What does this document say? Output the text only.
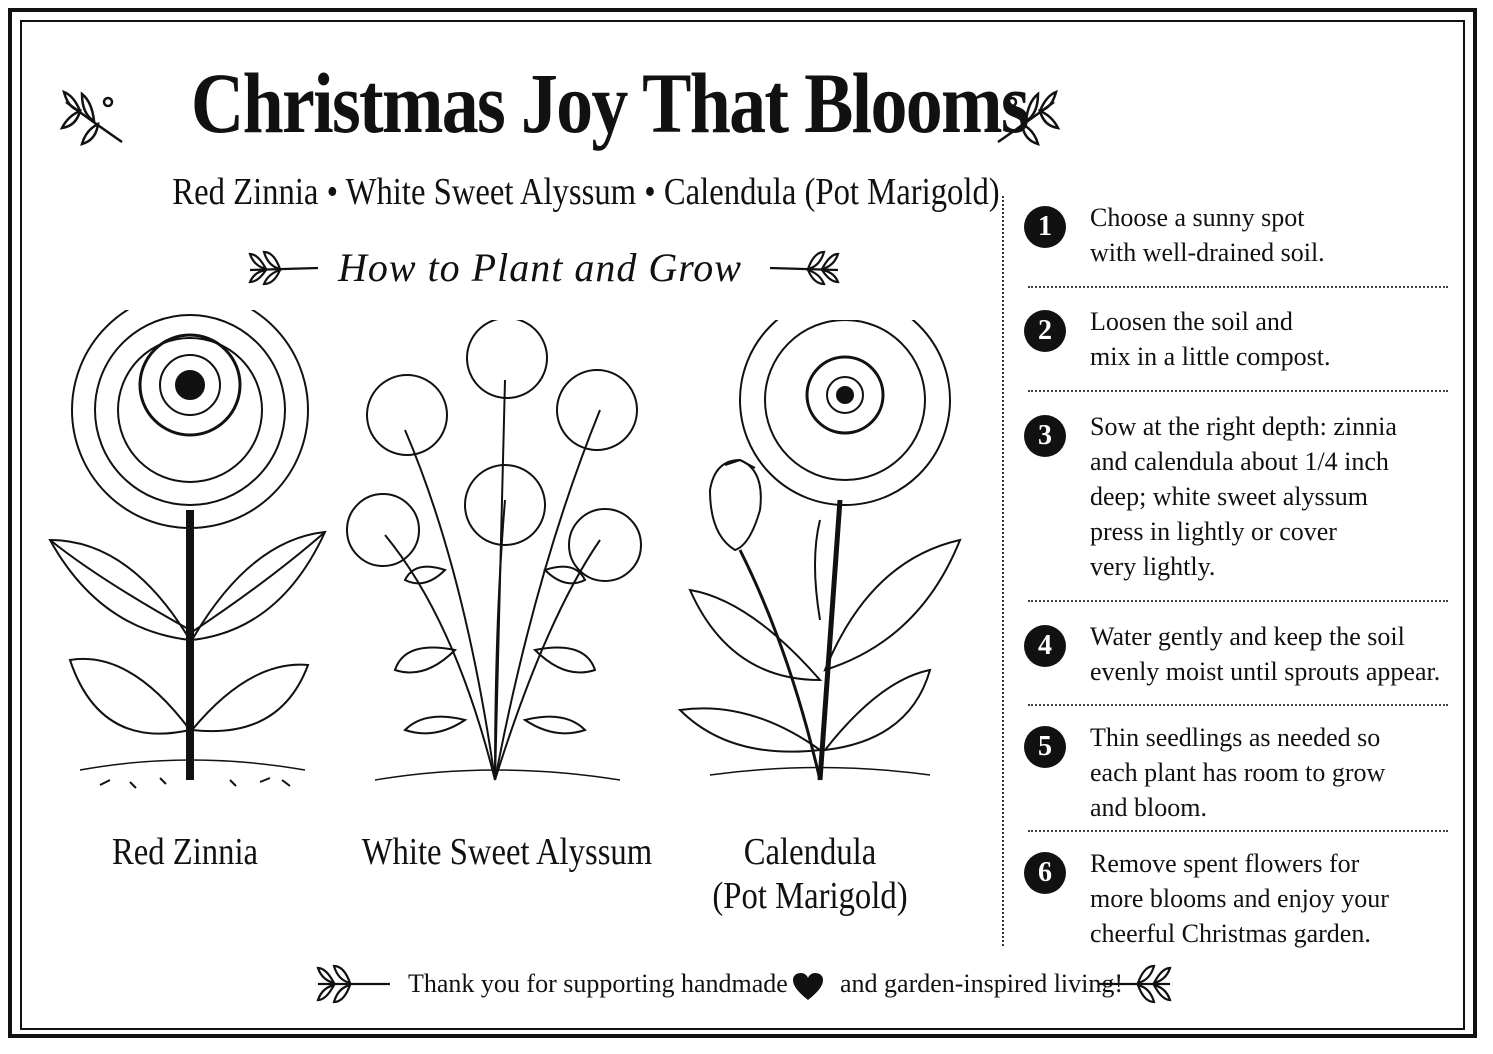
Christmas Joy That Blooms
Red Zinnia • White Sweet Alyssum • Calendula (Pot Marigold)
How to Plant and Grow
Red Zinnia	White Sweet Alyssum	Calendula
(Pot Marigold)
1	Choose a sunny spot
with well-drained soil.
2	Loosen the soil and
mix in a little compost.
3	Sow at the right depth: zinnia
and calendula about 1/4 inch
deep; white sweet alyssum
press in lightly or cover
very lightly.
4	Water gently and keep the soil
evenly moist until sprouts appear.
5	Thin seedlings as needed so
each plant has room to grow
and bloom.
6	Remove spent flowers for
more blooms and enjoy your
cheerful Christmas garden.
Thank you for supporting handmade and garden-inspired living!
